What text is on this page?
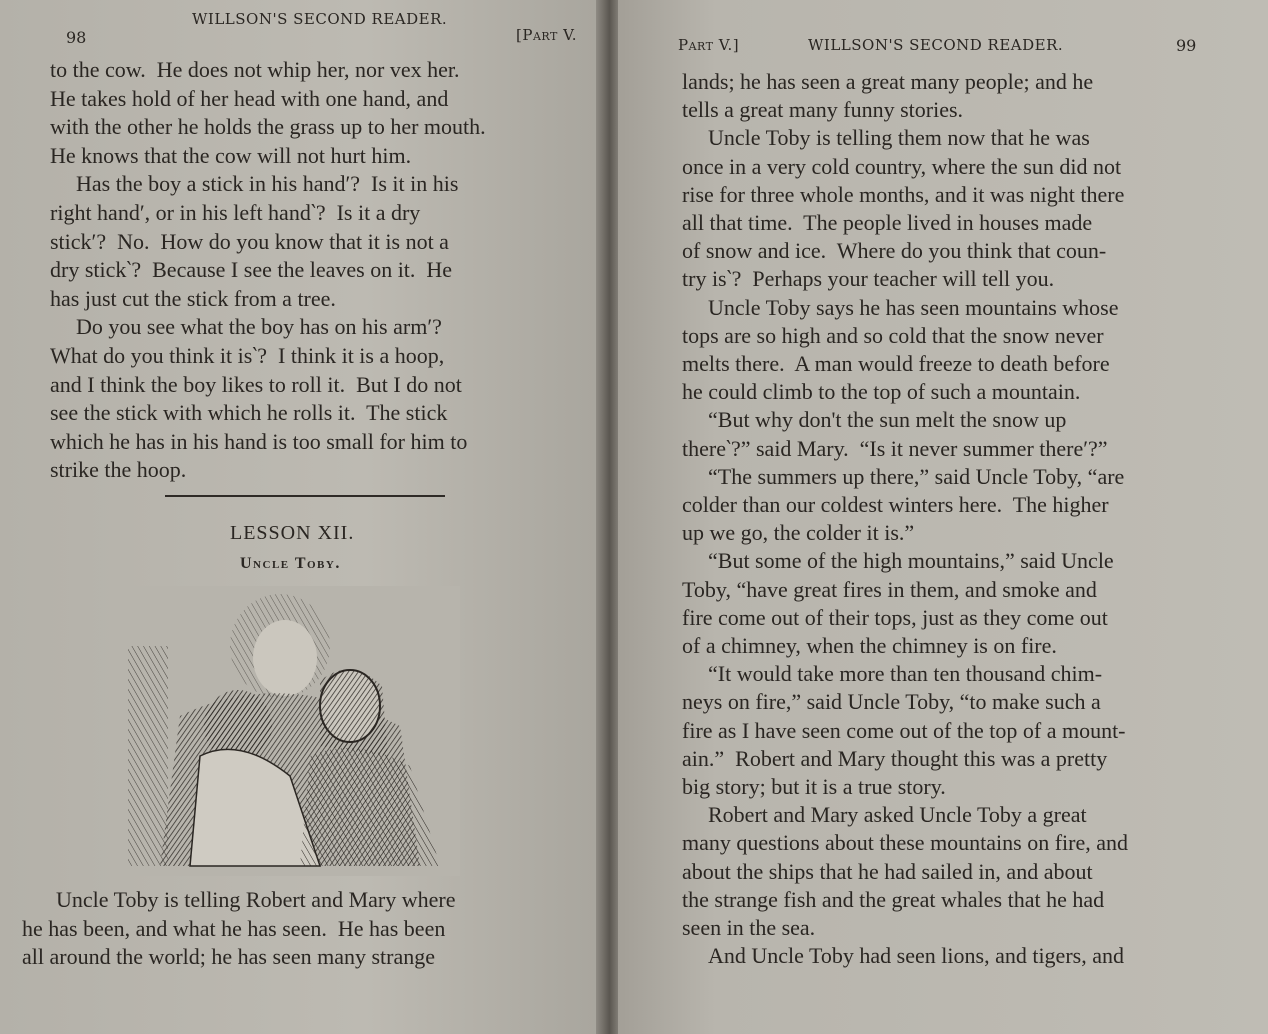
98
WILLSON'S SECOND READER.
[Part V.
to the cow.  He does not whip her, nor vex her.
He takes hold of her head with one hand, and
with the other he holds the grass up to her mouth.
He knows that the cow will not hurt him.
Has the boy a stick in his hand′?  Is it in his
right hand′, or in his left hand‵?  Is it a dry
stick′?  No.  How do you know that it is not a
dry stick‵?  Because I see the leaves on it.  He
has just cut the stick from a tree.
Do you see what the boy has on his arm′?
What do you think it is‵?  I think it is a hoop,
and I think the boy likes to roll it.  But I do not
see the stick with which he rolls it.  The stick
which he has in his hand is too small for him to
strike the hoop.
LESSON XII.
Uncle Toby.
Uncle Toby is telling Robert and Mary where
he has been, and what he has seen.  He has been
all around the world; he has seen many strange
Part V.]	WILLSON'S SECOND READER.	99
lands; he has seen a great many people; and he
tells a great many funny stories.
Uncle Toby is telling them now that he was
once in a very cold country, where the sun did not
rise for three whole months, and it was night there
all that time.  The people lived in houses made
of snow and ice.  Where do you think that coun-
try is‵?  Perhaps your teacher will tell you.
Uncle Toby says he has seen mountains whose
tops are so high and so cold that the snow never
melts there.  A man would freeze to death before
he could climb to the top of such a mountain.
“But why don't the sun melt the snow up
there‵?” said Mary.  “Is it never summer there′?”
“The summers up there,” said Uncle Toby, “are
colder than our coldest winters here.  The higher
up we go, the colder it is.”
“But some of the high mountains,” said Uncle
Toby, “have great fires in them, and smoke and
fire come out of their tops, just as they come out
of a chimney, when the chimney is on fire.
“It would take more than ten thousand chim-
neys on fire,” said Uncle Toby, “to make such a
fire as I have seen come out of the top of a mount-
ain.”  Robert and Mary thought this was a pretty
big story; but it is a true story.
Robert and Mary asked Uncle Toby a great
many questions about these mountains on fire, and
about the ships that he had sailed in, and about
the strange fish and the great whales that he had
seen in the sea.
And Uncle Toby had seen lions, and tigers, and
